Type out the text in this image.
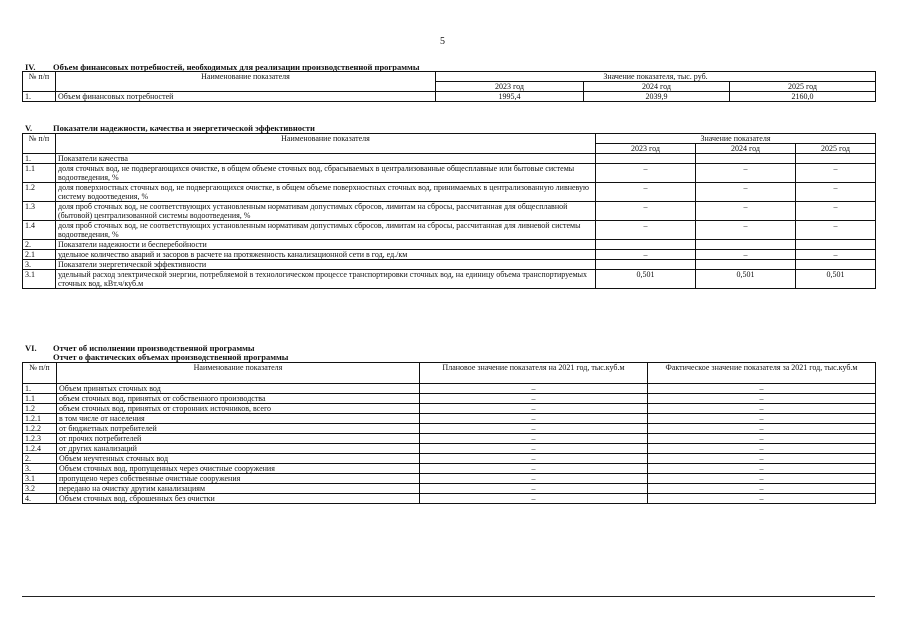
5
IV. Объем финансовых потребностей, необходимых для реализации производственной программы
№ п/п	Наименование показателя	Значение показателя, тыс. руб.		
		2023 год	2024 год	2025 год
1.	Объем финансовых потребностей	1995,4	2039,9	2160,0
V. Показатели надежности, качества и энергетической эффективности
№ п/п	Наименование показателя	Значение показателя		
		2023 год	2024 год	2025 год
1.	Показатели качества			
1.1	доля сточных вод, не подвергающихся очистке, в общем объеме сточных вод, сбрасываемых в централизованные общесплавные или бытовые системы водоотведения, %	–	–	–
1.2	доля поверхностных сточных вод, не подвергающихся очистке, в общем объеме поверхностных сточных вод, принимаемых в централизованную ливневую систему водоотведения, %	–	–	–
1.3	доля проб сточных вод, не соответствующих установленным нормативам допустимых сбросов, лимитам на сбросы, рассчитанная для общесплавной (бытовой) централизованной системы водоотведения, %	–	–	–
1.4	доля проб сточных вод, не соответствующих установленным нормативам допустимых сбросов, лимитам на сбросы, рассчитанная для ливневой системы водоотведения, %	–	–	–
2.	Показатели надежности и бесперебойности			
2.1	удельное количество аварий и засоров в расчете на протяженность канализационной сети в год, ед./км	–	–	–
3.	Показатели энергетической эффективности			
3.1	удельный расход электрической энергии, потребляемой в технологическом процессе транспортировки сточных вод, на единицу объема транспортируемых сточных вод, кВт.ч/куб.м	0,501	0,501	0,501
VI. Отчет об исполнении производственной программы
Отчет о фактических объемах производственной программы
№ п/п	Наименование показателя	Плановое значение показателя на 2021 год, тыс.куб.м	Фактическое значение показателя за 2021 год, тыс.куб.м
1.	Объем принятых сточных вод	–	–
1.1	объем сточных вод, принятых от собственного производства	–	–
1.2	объем сточных вод, принятых от сторонних источников, всего	–	–
1.2.1	в том числе от населения	–	–
1.2.2	от бюджетных потребителей	–	–
1.2.3	от прочих потребителей	–	–
1.2.4	от других канализаций	–	–
2.	Объем неучтенных сточных вод	–	–
3.	Объем сточных вод, пропущенных через очистные сооружения	–	–
3.1	пропущено через собственные очистные сооружения	–	–
3.2	передано на очистку другим канализациям	–	–
4.	Объем сточных вод, сброшенных без очистки	–	–
